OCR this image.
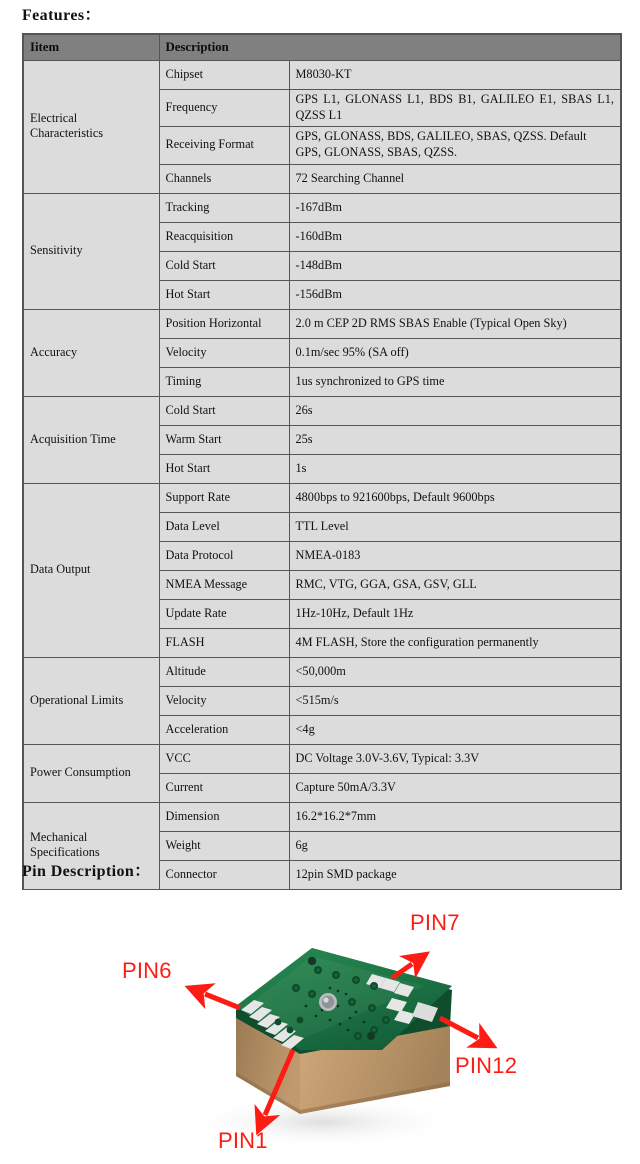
Features：
Iitem	Description	
Electrical Characteristics	Chipset	M8030-KT
	Frequency	GPS L1, GLONASS L1, BDS B1, GALILEO E1, SBAS L1, QZSS L1
	Receiving Format	GPS, GLONASS, BDS, GALILEO, SBAS, QZSS. Default GPS, GLONASS, SBAS, QZSS.
	Channels	72 Searching Channel
Sensitivity	Tracking	-167dBm
	Reacquisition	-160dBm
	Cold Start	-148dBm
	Hot Start	-156dBm
Accuracy	Position Horizontal	2.0 m CEP 2D RMS SBAS Enable (Typical Open Sky)
	Velocity	0.1m/sec 95% (SA off)
	Timing	1us synchronized to GPS time
Acquisition Time	Cold Start	26s
	Warm Start	25s
	Hot Start	1s
Data Output	Support Rate	4800bps to 921600bps, Default 9600bps
	Data Level	TTL Level
	Data Protocol	NMEA-0183
	NMEA Message	RMC, VTG, GGA, GSA, GSV, GLL
	Update Rate	1Hz-10Hz, Default 1Hz
	FLASH	4M FLASH, Store the configuration permanently
Operational Limits	Altitude	<50,000m
	Velocity	<515m/s
	Acceleration	<4g
Power Consumption	VCC	DC Voltage 3.0V-3.6V, Typical: 3.3V
	Current	Capture 50mA/3.3V
Mechanical Specifications	Dimension	16.2*16.2*7mm
	Weight	6g
	Connector	12pin SMD package

Pin Description：
PIN7
PIN6
PIN12
PIN1
